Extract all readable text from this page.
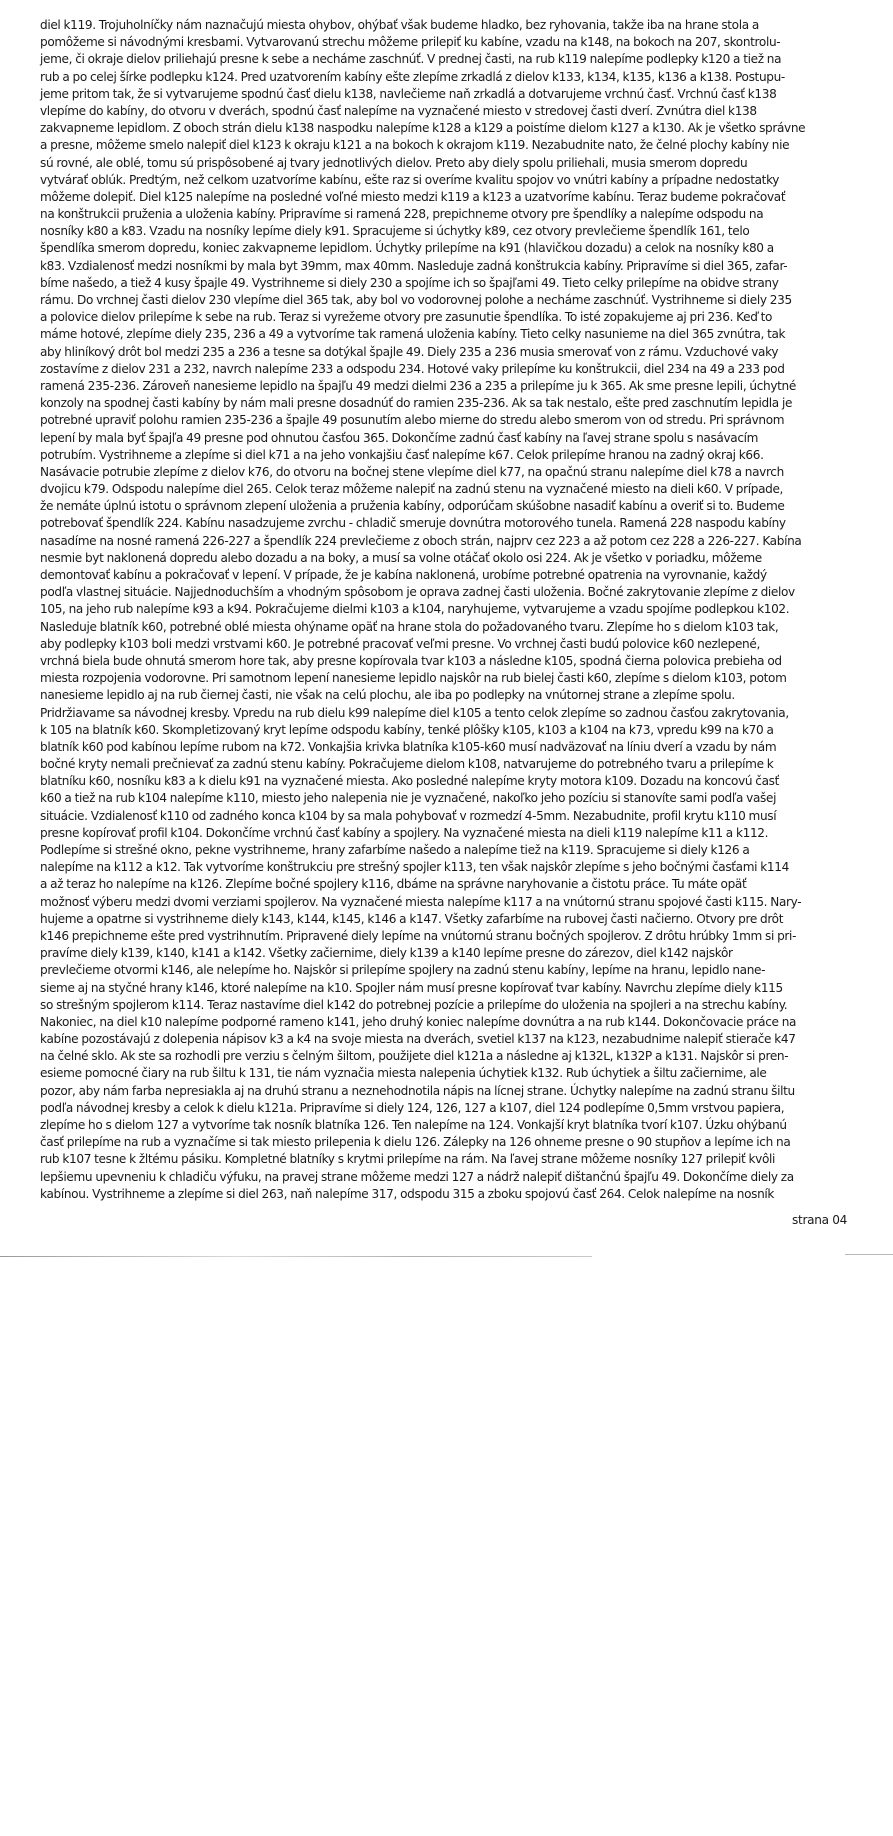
diel k119. Trojuholníčky nám naznačujú miesta ohybov, ohýbať však budeme hladko, bez ryhovania, takže iba na hrane stola a
pomôžeme si návodnými kresbami. Vytvarovanú strechu môžeme prilepiť ku kabíne, vzadu na k148, na bokoch na 207, skontrolu-
jeme, či okraje dielov priliehajú presne k sebe a necháme zaschnúť. V prednej časti, na rub k119 nalepíme podlepky k120 a tiež na
rub a po celej šírke podlepku k124. Pred uzatvorením kabíny ešte zlepíme zrkadlá z dielov k133, k134, k135, k136 a k138. Postupu-
jeme pritom tak, že si vytvarujeme spodnú časť dielu k138, navlečieme naň zrkadlá a dotvarujeme vrchnú časť. Vrchnú časť k138
vlepíme do kabíny, do otvoru v dverách, spodnú časť nalepíme na vyznačené miesto v stredovej časti dverí. Zvnútra diel k138
zakvapneme lepidlom. Z oboch strán dielu k138 naspodku nalepíme k128 a k129 a poistíme dielom k127 a k130. Ak je všetko správne
a presne, môžeme smelo nalepiť diel k123 k okraju k121 a na bokoch k okrajom k119. Nezabudnite nato, že čelné plochy kabíny nie
sú rovné, ale oblé, tomu sú prispôsobené aj tvary jednotlivých dielov. Preto aby diely spolu priliehali, musia smerom dopredu
vytvárať oblúk. Predtým, než celkom uzatvoríme kabínu, ešte raz si overíme kvalitu spojov vo vnútri kabíny a prípadne nedostatky
môžeme dolepiť. Diel k125 nalepíme na posledné voľné miesto medzi k119 a k123 a uzatvoríme kabínu. Teraz budeme pokračovať
na konštrukcii pruženia a uloženia kabíny. Pripravíme si ramená 228, prepichneme otvory pre špendlíky a nalepíme odspodu na
nosníky k80 a k83. Vzadu na nosníky lepíme diely k91. Spracujeme si úchytky k89, cez otvory prevlečieme špendlík 161, telo
špendlíka smerom dopredu, koniec zakvapneme lepidlom. Úchytky prilepíme na k91 (hlavičkou dozadu) a celok na nosníky k80 a
k83. Vzdialenosť medzi nosníkmi by mala byt 39mm, max 40mm. Nasleduje zadná konštrukcia kabíny. Pripravíme si diel 365, zafar-
bíme našedo, a tiež 4 kusy špajle 49. Vystrihneme si diely 230 a spojíme ich so špajľami 49. Tieto celky prilepíme na obidve strany
rámu. Do vrchnej časti dielov 230 vlepíme diel 365 tak, aby bol vo vodorovnej polohe a necháme zaschnúť. Vystrihneme si diely 235
a polovice dielov prilepíme k sebe na rub. Teraz si vyrežeme otvory pre zasunutie špendlíka. To isté zopakujeme aj pri 236. Keď to
máme hotové, zlepíme diely 235, 236 a 49 a vytvoríme tak ramená uloženia kabíny. Tieto celky nasunieme na diel 365 zvnútra, tak
aby hliníkový drôt bol medzi 235 a 236 a tesne sa dotýkal špajle 49. Diely 235 a 236 musia smerovať von z rámu. Vzduchové vaky
zostavíme z dielov 231 a 232, navrch nalepíme 233 a odspodu 234. Hotové vaky prilepíme ku konštrukcii, diel 234 na 49 a 233 pod
ramená 235-236. Zároveň nanesieme lepidlo na špajľu 49 medzi dielmi 236 a 235 a prilepíme ju k 365. Ak sme presne lepili, úchytné
konzoly na spodnej časti kabíny by nám mali presne dosadnúť do ramien 235-236. Ak sa tak nestalo, ešte pred zaschnutím lepidla je
potrebné upraviť polohu ramien 235-236 a špajle 49 posunutím alebo mierne do stredu alebo smerom von od stredu. Pri správnom
lepení by mala byť špajľa 49 presne pod ohnutou časťou 365. Dokončíme zadnú časť kabíny na ľavej strane spolu s nasávacím
potrubím. Vystrihneme a zlepíme si diel k71 a na jeho vonkajšiu časť nalepíme k67. Celok prilepíme hranou na zadný okraj k66.
Nasávacie potrubie zlepíme z dielov k76, do otvoru na bočnej stene vlepíme diel k77, na opačnú stranu nalepíme diel k78 a navrch
dvojicu k79. Odspodu nalepíme diel 265. Celok teraz môžeme nalepiť na zadnú stenu na vyznačené miesto na dieli k60. V prípade,
že nemáte úplnú istotu o správnom zlepení uloženia a pruženia kabíny, odporúčam skúšobne nasadiť kabínu a overiť si to. Budeme
potrebovať špendlík 224. Kabínu nasadzujeme zvrchu - chladič smeruje dovnútra motorového tunela. Ramená 228 naspodu kabíny
nasadíme na nosné ramená 226-227 a špendlík 224 prevlečieme z oboch strán, najprv cez 223 a až potom cez 228 a 226-227. Kabína
nesmie byt naklonená dopredu alebo dozadu a na boky, a musí sa volne otáčať okolo osi 224. Ak je všetko v poriadku, môžeme
demontovať kabínu a pokračovať v lepení. V prípade, že je kabína naklonená, urobíme potrebné opatrenia na vyrovnanie, každý
podľa vlastnej situácie. Najjednoduchším a vhodným spôsobom je oprava zadnej časti uloženia. Bočné zakrytovanie zlepíme z dielov
105, na jeho rub nalepíme k93 a k94. Pokračujeme dielmi k103 a k104, naryhujeme, vytvarujeme a vzadu spojíme podlepkou k102.
Nasleduje blatník k60, potrebné oblé miesta ohýname opäť na hrane stola do požadovaného tvaru. Zlepíme ho s dielom k103 tak,
aby podlepky k103 boli medzi vrstvami k60. Je potrebné pracovať veľmi presne. Vo vrchnej časti budú polovice k60 nezlepené,
vrchná biela bude ohnutá smerom hore tak, aby presne kopírovala tvar k103 a následne k105, spodná čierna polovica prebieha od
miesta rozpojenia vodorovne. Pri samotnom lepení nanesieme lepidlo najskôr na rub bielej časti k60, zlepíme s dielom k103, potom
nanesieme lepidlo aj na rub čiernej časti, nie však na celú plochu, ale iba po podlepky na vnútornej strane a zlepíme spolu.
Pridržiavame sa návodnej kresby. Vpredu na rub dielu k99 nalepíme diel k105 a tento celok zlepíme so zadnou časťou zakrytovania,
k 105 na blatník k60. Skompletizovaný kryt lepíme odspodu kabíny, tenké plôšky k105, k103 a k104 na k73, vpredu k99 na k70 a
blatník k60 pod kabínou lepíme rubom na k72. Vonkajšia krivka blatníka k105-k60 musí nadväzovať na líniu dverí a vzadu by nám
bočné kryty nemali prečnievať za zadnú stenu kabíny. Pokračujeme dielom k108, natvarujeme do potrebného tvaru a prilepíme k
blatníku k60, nosníku k83 a k dielu k91 na vyznačené miesta. Ako posledné nalepíme kryty motora k109. Dozadu na koncovú časť
k60 a tiež na rub k104 nalepíme k110, miesto jeho nalepenia nie je vyznačené, nakoľko jeho pozíciu si stanovíte sami podľa vašej
situácie. Vzdialenosť k110 od zadného konca k104 by sa mala pohybovať v rozmedzí 4-5mm. Nezabudnite, profil krytu k110 musí
presne kopírovať profil k104. Dokončíme vrchnú časť kabíny a spojlery. Na vyznačené miesta na dieli k119 nalepíme k11 a k112.
Podlepíme si strešné okno, pekne vystrihneme, hrany zafarbíme našedo a nalepíme tiež na k119. Spracujeme si diely k126 a
nalepíme na k112 a k12. Tak vytvoríme konštrukciu pre strešný spojler k113, ten však najskôr zlepíme s jeho bočnými časťami k114
a až teraz ho nalepíme na k126. Zlepíme bočné spojlery k116, dbáme na správne naryhovanie a čistotu práce. Tu máte opäť
možnosť výberu medzi dvomi verziami spojlerov. Na vyznačené miesta nalepíme k117 a na vnútornú stranu spojové časti k115. Nary-
hujeme a opatrne si vystrihneme diely k143, k144, k145, k146 a k147. Všetky zafarbíme na rubovej časti načierno. Otvory pre drôt
k146 prepichneme ešte pred vystrihnutím. Pripravené diely lepíme na vnútornú stranu bočných spojlerov. Z drôtu hrúbky 1mm si pri-
pravíme diely k139, k140, k141 a k142. Všetky začiernime, diely k139 a k140 lepíme presne do zárezov, diel k142 najskôr
prevlečieme otvormi k146, ale nelepíme ho. Najskôr si prilepíme spojlery na zadnú stenu kabíny, lepíme na hranu, lepidlo nane-
sieme aj na styčné hrany k146, ktoré nalepíme na k10. Spojler nám musí presne kopírovať tvar kabíny. Navrchu zlepíme diely k115
so strešným spojlerom k114. Teraz nastavíme diel k142 do potrebnej pozície a prilepíme do uloženia na spojleri a na strechu kabíny.
Nakoniec, na diel k10 nalepíme podporné rameno k141, jeho druhý koniec nalepíme dovnútra a na rub k144. Dokončovacie práce na
kabíne pozostávajú z dolepenia nápisov k3 a k4 na svoje miesta na dverách, svetiel k137 na k123, nezabudnime nalepiť stierače k47
na čelné sklo. Ak ste sa rozhodli pre verziu s čelným šiltom, použijete diel k121a a následne aj k132L, k132P a k131. Najskôr si pren-
esieme pomocné čiary na rub šiltu k 131, tie nám vyznačia miesta nalepenia úchytiek k132. Rub úchytiek a šiltu začiernime, ale
pozor, aby nám farba nepresiakla aj na druhú stranu a neznehodnotila nápis na lícnej strane. Úchytky nalepíme na zadnú stranu šiltu
podľa návodnej kresby a celok k dielu k121a. Pripravíme si diely 124, 126, 127 a k107, diel 124 podlepíme 0,5mm vrstvou papiera,
zlepíme ho s dielom 127 a vytvoríme tak nosník blatníka 126. Ten nalepíme na 124. Vonkajší kryt blatníka tvorí k107. Úzku ohýbanú
časť prilepíme na rub a vyznačíme si tak miesto prilepenia k dielu 126. Zálepky na 126 ohneme presne o 90 stupňov a lepíme ich na
rub k107 tesne k žltému pásiku. Kompletné blatníky s krytmi prilepíme na rám. Na ľavej strane môžeme nosníky 127 prilepiť kvôli
lepšiemu upevneniu k chladiču výfuku, na pravej strane môžeme medzi 127 a nádrž nalepiť dištančnú špajľu 49. Dokončíme diely za
kabínou. Vystrihneme a zlepíme si diel 263, naň nalepíme 317, odspodu 315 a zboku spojovú časť 264. Celok nalepíme na nosník
strana 04
